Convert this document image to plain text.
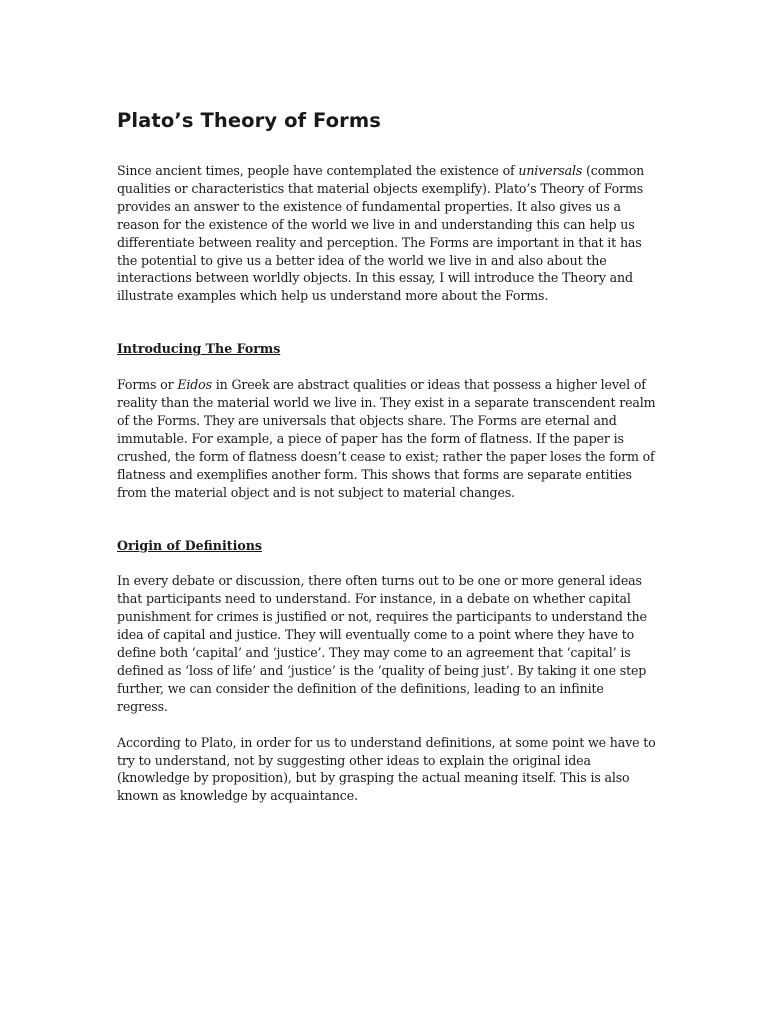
Plato’s Theory of Forms

Since ancient times, people have contemplated the existence of universals (common qualities or characteristics that material objects exemplify). Plato’s Theory of Forms provides an answer to the existence of fundamental properties. It also gives us a reason for the existence of the world we live in and understanding this can help us differentiate between reality and perception. The Forms are important in that it has the potential to give us a better idea of the world we live in and also about the interactions between worldly objects. In this essay, I will introduce the Theory and illustrate examples which help us understand more about the Forms.

Introducing The Forms

Forms or Eidos in Greek are abstract qualities or ideas that possess a higher level of reality than the material world we live in. They exist in a separate transcendent realm of the Forms. They are universals that objects share. The Forms are eternal and immutable. For example, a piece of paper has the form of flatness. If the paper is crushed, the form of flatness doesn’t cease to exist; rather the paper loses the form of flatness and exemplifies another form. This shows that forms are separate entities from the material object and is not subject to material changes.

Origin of Definitions

In every debate or discussion, there often turns out to be one or more general ideas that participants need to understand. For instance, in a debate on whether capital punishment for crimes is justified or not, requires the participants to understand the idea of capital and justice. They will eventually come to a point where they have to define both ‘capital’ and ‘justice’. They may come to an agreement that ‘capital’ is defined as ‘loss of life’ and ‘justice’ is the ‘quality of being just’. By taking it one step further, we can consider the definition of the definitions, leading to an infinite regress.

According to Plato, in order for us to understand definitions, at some point we have to try to understand, not by suggesting other ideas to explain the original idea (knowledge by proposition), but by grasping the actual meaning itself. This is also known as knowledge by acquaintance.
